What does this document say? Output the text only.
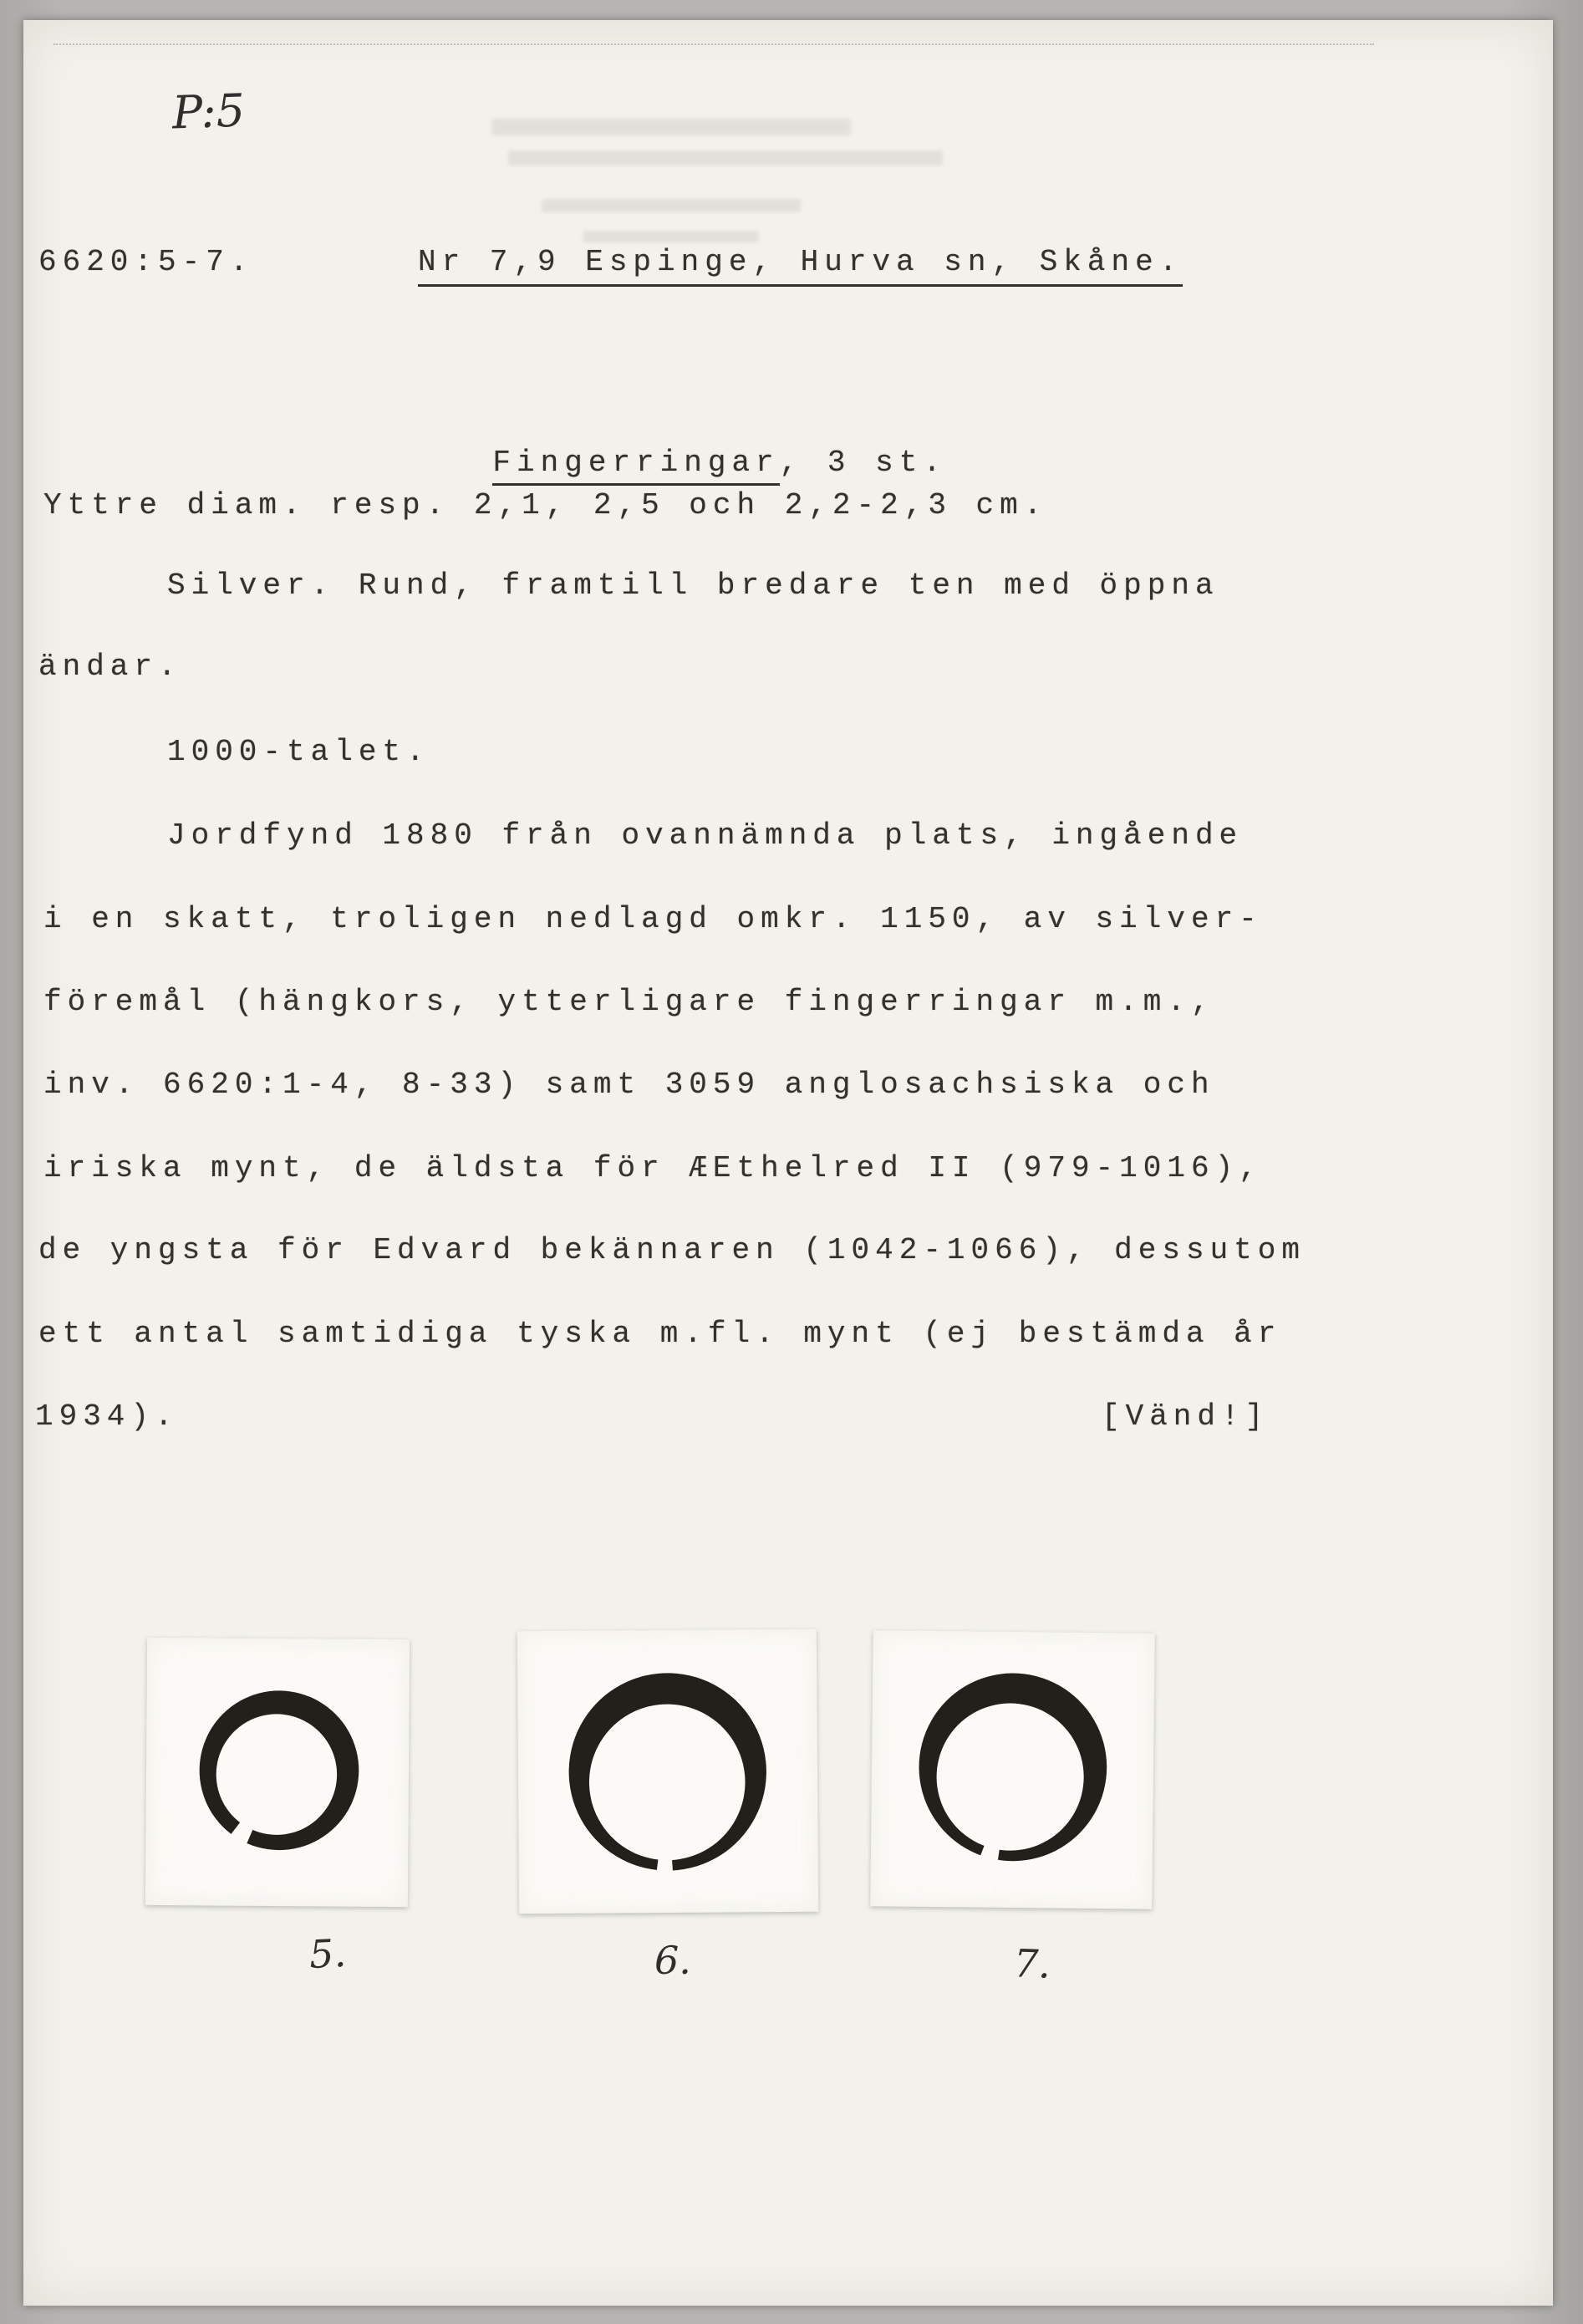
P:5

6620:5-7.

	Nr 7,9 Espinge, Hurva sn, Skåne.

Fingerringar, 3 st.

Yttre diam. resp. 2,1, 2,5 och 2,2-2,3 cm.
Silver. Rund, framtill bredare ten med öppna
ändar.
1000-talet.
Jordfynd 1880 från ovannämnda plats, ingående
i en skatt, troligen nedlagd omkr. 1150, av silver-
föremål (hängkors, ytterligare fingerringar m.m.,
inv. 6620:1-4, 8-33) samt 3059 anglosachsiska och
iriska mynt, de äldsta för ÆEthelred II (979-1016),
de yngsta för Edvard bekännaren (1042-1066), dessutom
ett antal samtidiga tyska m.fl. mynt (ej bestämda år

1934).

	[Vänd!]

5.	6.	7.
